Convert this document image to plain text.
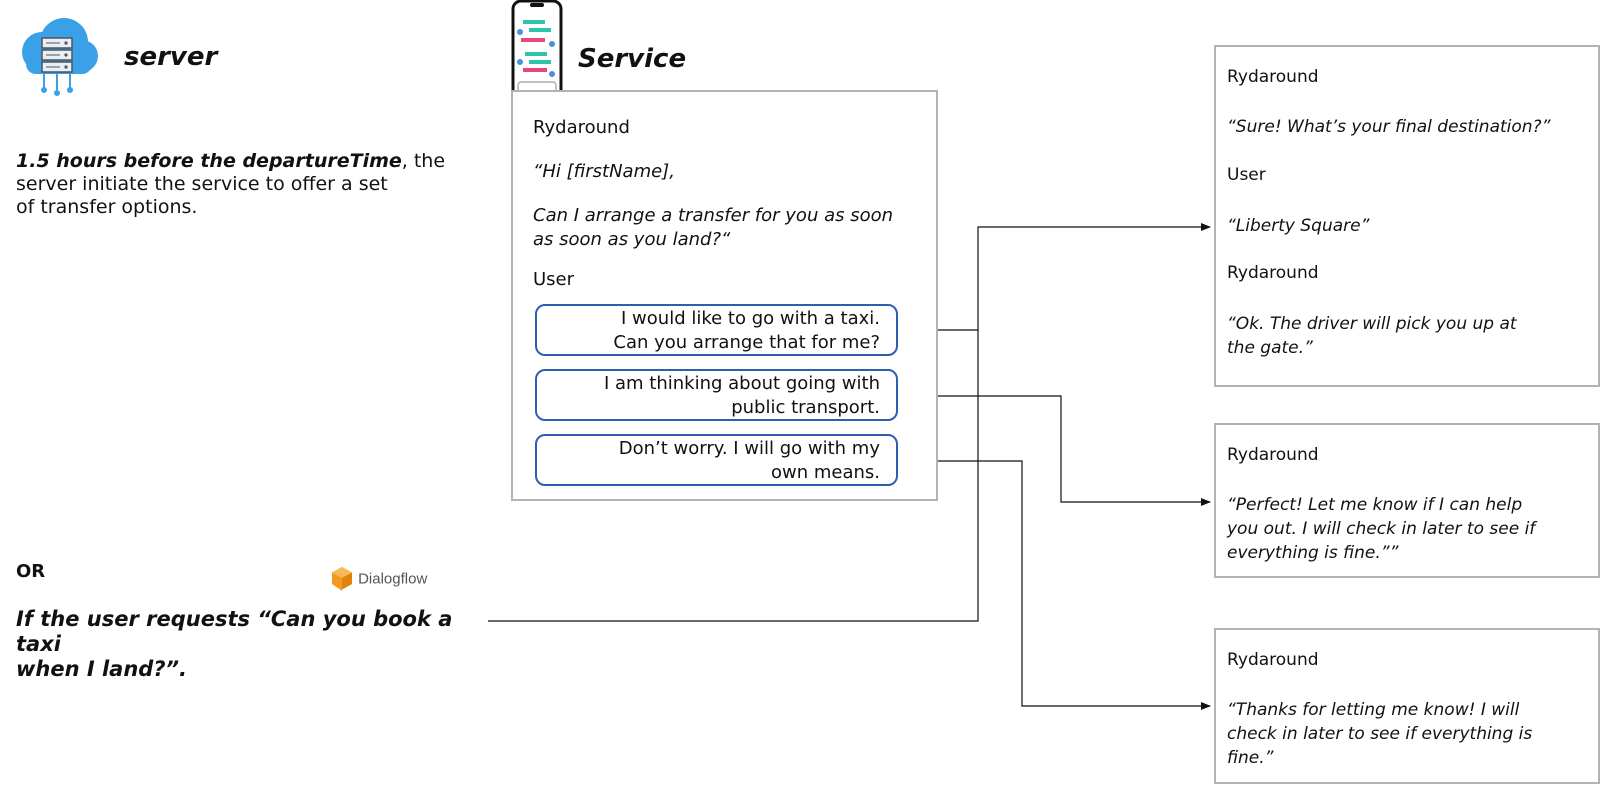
server
1.5 hours before the departureTime, the
server initiate the service to offer a set
of transfer options.
OR	Dialogflow
If the user requests “Can you book a taxi
when I land?”.
Service
Rydaround
“Hi [firstName],
Can I arrange a transfer for you as soon
as soon as you land?“
User
I would like to go with a taxi.
Can you arrange that for me?
I am thinking about going with
public transport.
Don’t worry. I will go with my
own means.
Rydaround
“Sure! What’s your final destination?”
User
“Liberty Square”
Rydaround
“Ok. The driver will pick you up at
the gate.”
Rydaround
“Perfect! Let me know if I can help
you out. I will check in later to see if
everything is fine.””
Rydaround
“Thanks for letting me know! I will
check in later to see if everything is
fine.”
